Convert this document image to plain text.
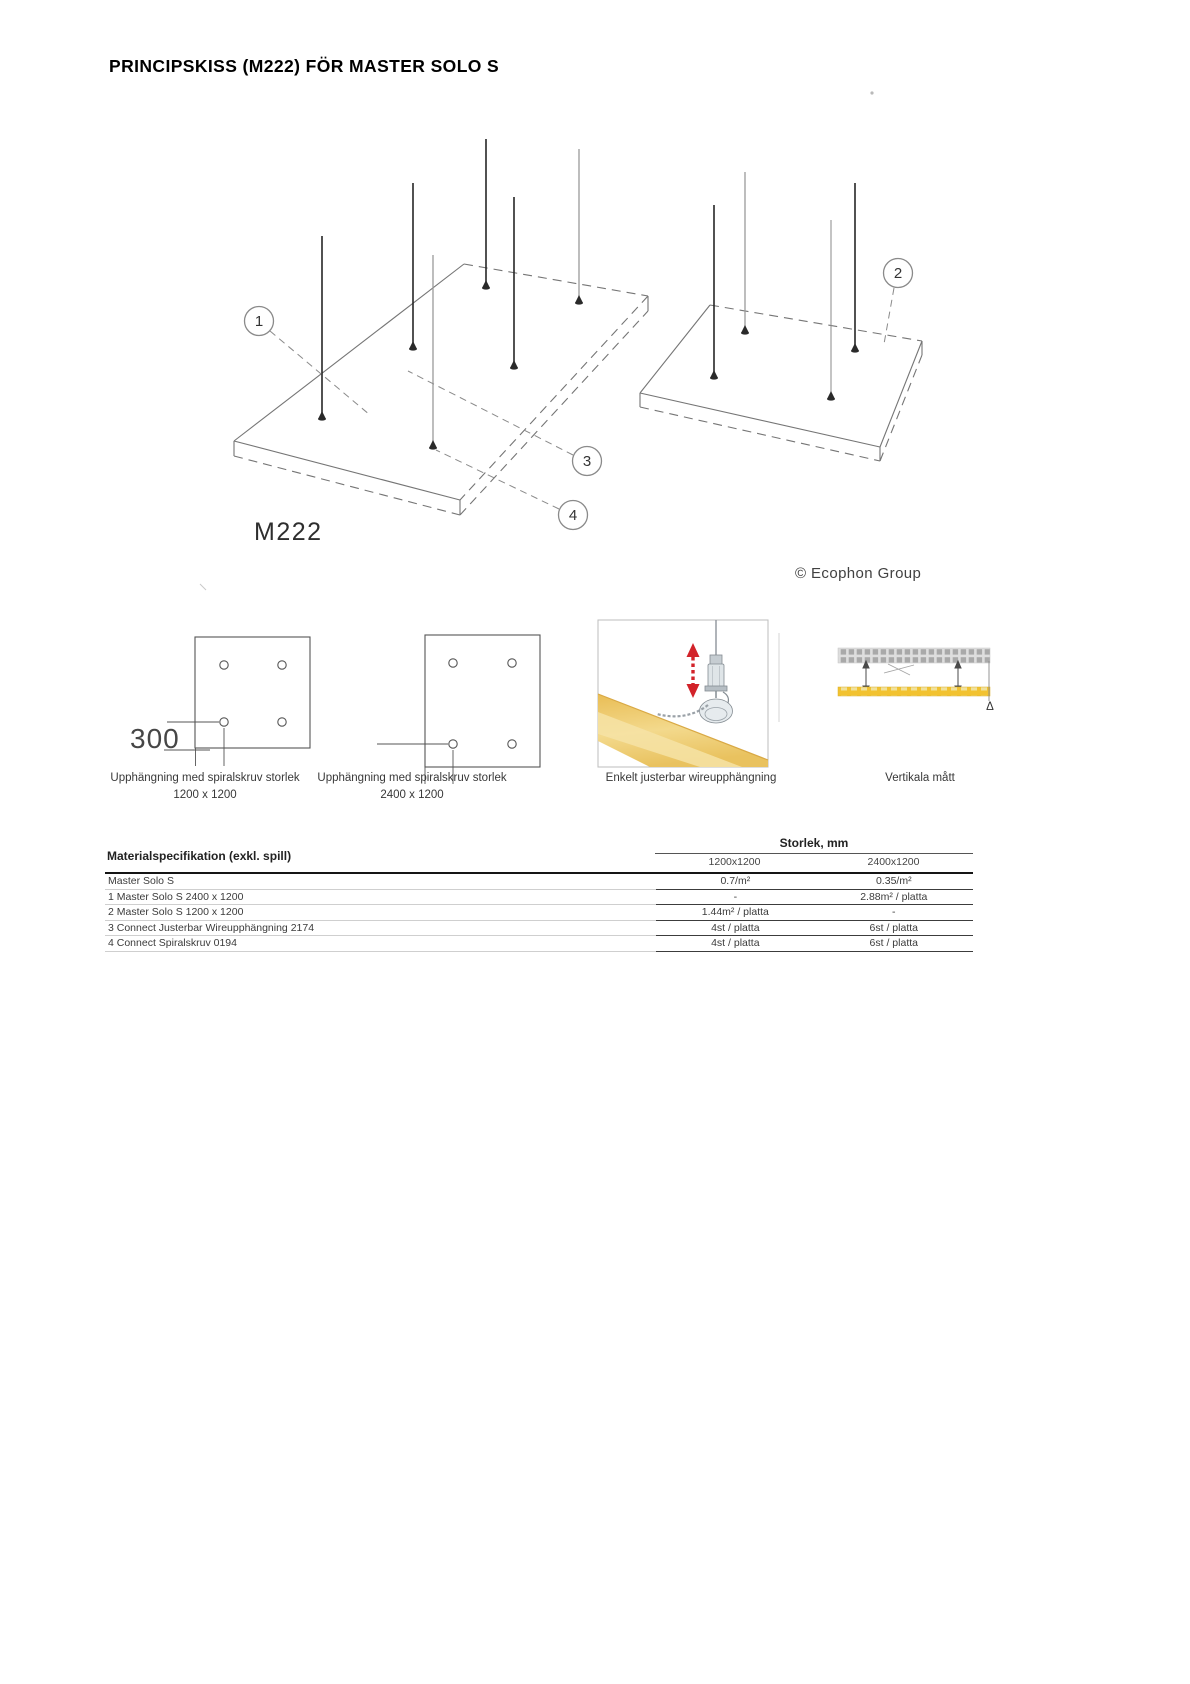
PRINCIPSKISS (M222) FÖR MASTER SOLO S
1
2
3
4
M222
© Ecophon Group
300
Δ
Upphängning med spiralskruv storlek
1200 x 1200
Upphängning med spiralskruv storlek
2400 x 1200
Enkelt justerbar wireupphängning	Vertikala mått
Materialspecifikation (exkl. spill)
Storlek, mm
1200x1200	2400x1200
Master Solo S	0.7/m²	0.35/m²
1 Master Solo S 2400 x 1200	-	2.88m² / platta
2 Master Solo S 1200 x 1200	1.44m² / platta	-
3 Connect Justerbar Wireupphängning 2174	4st / platta	6st / platta
4 Connect Spiralskruv 0194	4st / platta	6st / platta
